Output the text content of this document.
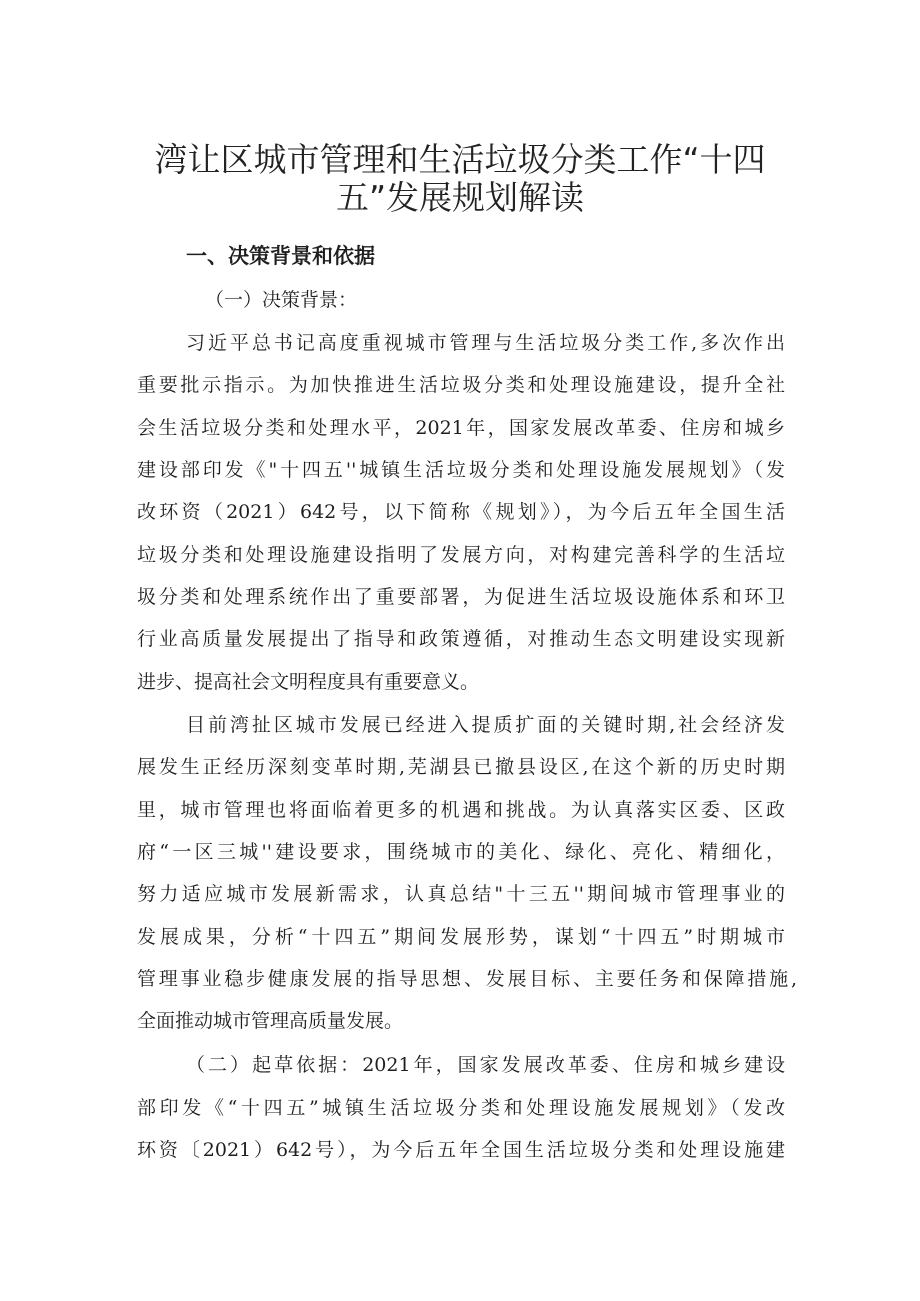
湾让区城市管理和生活垃圾分类工作“十四
五”发展规划解读
一、决策背景和依据
（一）决策背景：
习近平总书记高度重视城市管理与生活垃圾分类工作,多次作出
重要批示指示。为加快推进生活垃圾分类和处理设施建设，提升全社
会生活垃圾分类和处理水平，2021年，国家发展改革委、住房和城乡
建设部印发《"十四五''城镇生活垃圾分类和处理设施发展规划》（发
改环资（2021）642号，以下简称《规划》），为今后五年全国生活
垃圾分类和处理设施建设指明了发展方向，对构建完善科学的生活垃
圾分类和处理系统作出了重要部署，为促进生活垃圾设施体系和环卫
行业高质量发展提出了指导和政策遵循，对推动生态文明建设实现新
进步、提高社会文明程度具有重要意义。
目前湾扯区城市发展已经进入提质扩面的关键时期,社会经济发
展发生正经历深刻变革时期,芜湖县已撤县设区,在这个新的历史时期
里，城市管理也将面临着更多的机遇和挑战。为认真落实区委、区政
府“一区三城''建设要求，围绕城市的美化、绿化、亮化、精细化，
努力适应城市发展新需求，认真总结"十三五''期间城市管理事业的
发展成果，分析“十四五”期间发展形势，谋划“十四五”时期城市
管理事业稳步健康发展的指导思想、发展目标、主要任务和保障措施,
全面推动城市管理高质量发展。
（二）起草依据：2021年，国家发展改革委、住房和城乡建设
部印发《“十四五”城镇生活垃圾分类和处理设施发展规划》（发改
环资〔2021）642号），为今后五年全国生活垃圾分类和处理设施建
